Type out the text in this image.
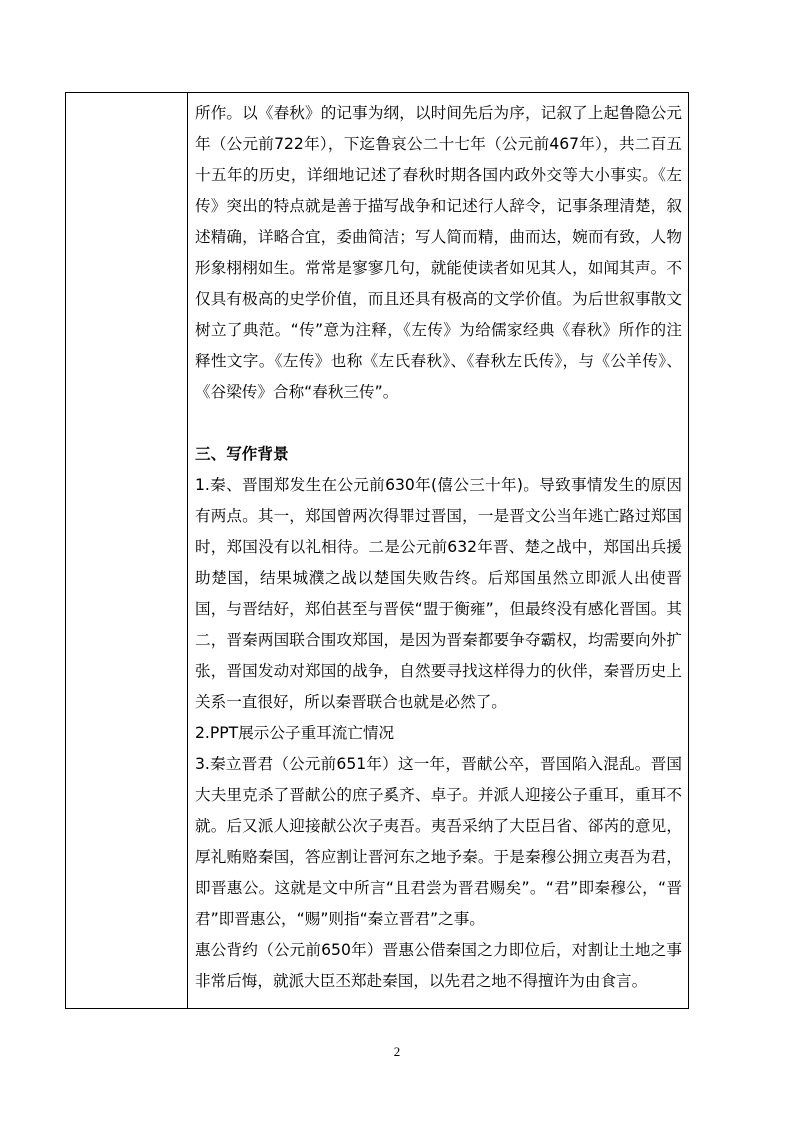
所作。以《春秋》的记事为纲，以时间先后为序，记叙了上起鲁隐公元年（公元前722年），下迄鲁哀公二十七年（公元前467年），共二百五十五年的历史，详细地记述了春秋时期各国内政外交等大小事实。《左传》突出的特点就是善于描写战争和记述行人辞令，记事条理清楚，叙述精确，详略合宜，委曲简洁；写人简而精，曲而达，婉而有致，人物形象栩栩如生。常常是寥寥几句，就能使读者如见其人，如闻其声。不仅具有极高的史学价值，而且还具有极高的文学价值。为后世叙事散文树立了典范。“传”意为注释，《左传》为给儒家经典《春秋》所作的注释性文字。《左传》也称《左氏春秋》、《春秋左氏传》，与《公羊传》、《谷梁传》合称“春秋三传”。

三、写作背景

1.秦、晋围郑发生在公元前630年(僖公三十年)。导致事情发生的原因有两点。其一，郑国曾两次得罪过晋国，一是晋文公当年逃亡路过郑国时，郑国没有以礼相待。二是公元前632年晋、楚之战中，郑国出兵援助楚国，结果城濮之战以楚国失败告终。后郑国虽然立即派人出使晋国，与晋结好，郑伯甚至与晋侯“盟于衡雍”，但最终没有感化晋国。其二，晋秦两国联合围攻郑国，是因为晋秦都要争夺霸权，均需要向外扩张，晋国发动对郑国的战争，自然要寻找这样得力的伙伴，秦晋历史上关系一直很好，所以秦晋联合也就是必然了。

2.PPT展示公子重耳流亡情况

3.秦立晋君（公元前651年）这一年，晋献公卒，晋国陷入混乱。晋国大夫里克杀了晋献公的庶子奚齐、卓子。并派人迎接公子重耳，重耳不就。后又派人迎接献公次子夷吾。夷吾采纳了大臣吕省、郤芮的意见，厚礼贿赂秦国，答应割让晋河东之地予秦。于是秦穆公拥立夷吾为君，即晋惠公。这就是文中所言“且君尝为晋君赐矣”。“君”即秦穆公，“晋君”即晋惠公，“赐”则指“秦立晋君”之事。

惠公背约（公元前650年）晋惠公借秦国之力即位后，对割让土地之事非常后悔，就派大臣丕郑赴秦国，以先君之地不得擅许为由食言。

2
